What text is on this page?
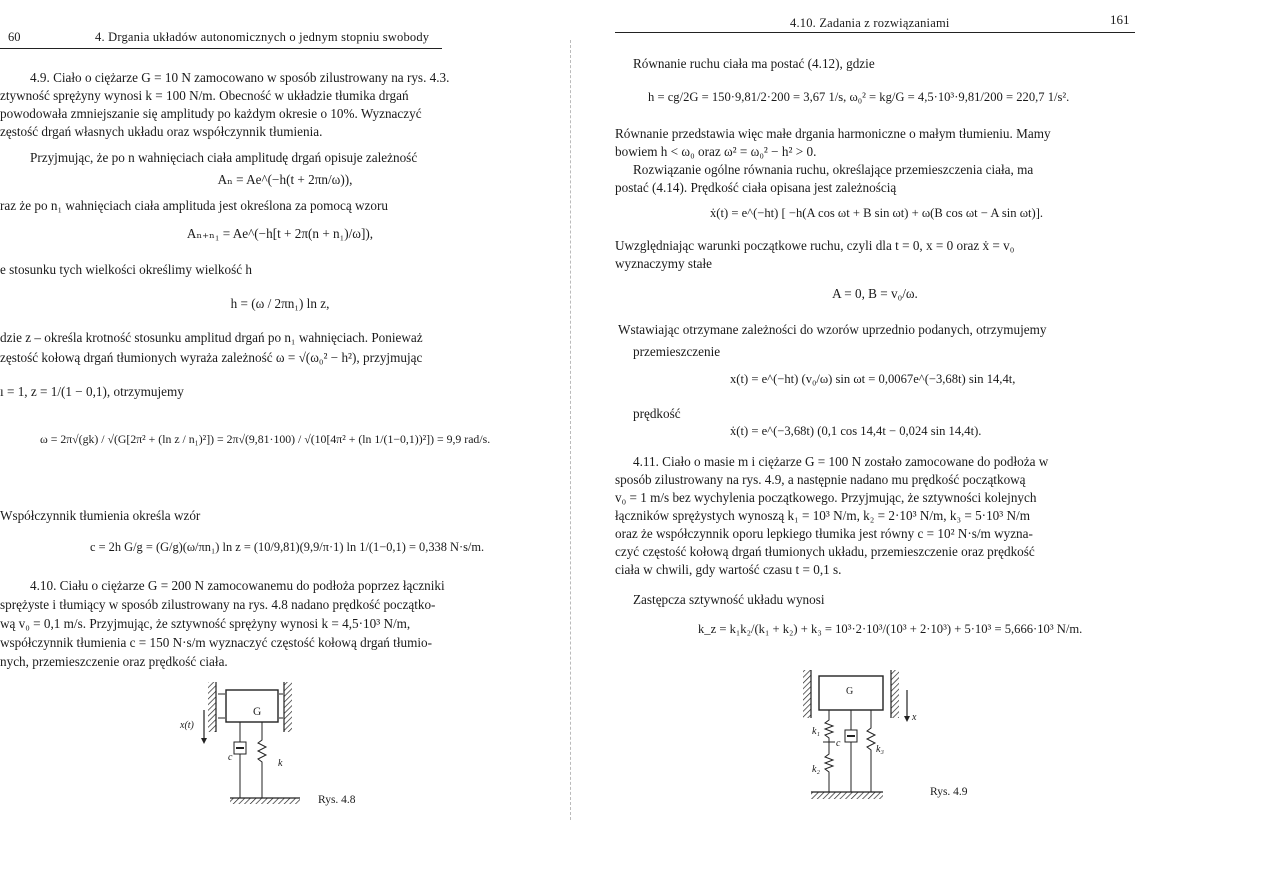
60	4. Drgania układów autonomicznych o jednym stopniu swobody
4.9. Ciało o ciężarze G = 10 N zamocowano w sposób zilustrowany na rys. 4.3.
ztywność sprężyny wynosi k = 100 N/m. Obecność w układzie tłumika drgań
powodowała zmniejszanie się amplitudy po każdym okresie o 10%. Wyznaczyć
zęstość drgań własnych układu oraz współczynnik tłumienia.
Przyjmując, że po n wahnięciach ciała amplitudę drgań opisuje zależność
Aₙ = Ae^(−h(t + 2πn/ω)),
raz że po n₁ wahnięciach ciała amplituda jest określona za pomocą wzoru
Aₙ₊ₙ₁ = Ae^(−h[t + 2π(n + n₁)/ω]),
e stosunku tych wielkości określimy wielkość h
h = (ω / 2πn₁) ln z,
dzie z – określa krotność stosunku amplitud drgań po n₁ wahnięciach. Ponieważ
zęstość kołową drgań tłumionych wyraża zależność ω = √(ω₀² − h²), przyjmując
ı = 1, z = 1/(1 − 0,1), otrzymujemy
ω = 2π√(gk) / √(G[2π² + (ln z / n₁)²]) = 2π√(9,81·100) / √(10[4π² + (ln 1/(1−0,1))²]) = 9,9 rad/s.
Współczynnik tłumienia określa wzór
c = 2h G/g = (G/g)(ω/πn₁) ln z = (10/9,81)(9,9/π·1) ln 1/(1−0,1) = 0,338 N·s/m.
4.10. Ciału o ciężarze G = 200 N zamocowanemu do podłoża poprzez łączniki
sprężyste i tłumiący w sposób zilustrowany na rys. 4.8 nadano prędkość początko-
wą v₀ = 0,1 m/s. Przyjmując, że sztywność sprężyny wynosi k = 4,5·10³ N/m,
współczynnik tłumienia c = 150 N·s/m wyznaczyć częstość kołową drgań tłumio-
nych, przemieszczenie oraz prędkość ciała.
G
x(t)
c
k
Rys. 4.8
4.10. Zadania z rozwiązaniami	161
Równanie ruchu ciała ma postać (4.12), gdzie
h = cg/2G = 150·9,81/2·200 = 3,67 1/s, ω₀² = kg/G = 4,5·10³·9,81/200 = 220,7 1/s².
Równanie przedstawia więc małe drgania harmoniczne o małym tłumieniu. Mamy
bowiem h < ω₀ oraz ω² = ω₀² − h² > 0.
Rozwiązanie ogólne równania ruchu, określające przemieszczenia ciała, ma
postać (4.14). Prędkość ciała opisana jest zależnością
ẋ(t) = e^(−ht) [ −h(A cos ωt + B sin ωt) + ω(B cos ωt − A sin ωt)].
Uwzględniając warunki początkowe ruchu, czyli dla t = 0, x = 0 oraz ẋ = v₀
wyznaczymy stałe
A = 0, B = v₀/ω.
Wstawiając otrzymane zależności do wzorów uprzednio podanych, otrzymujemy
przemieszczenie
x(t) = e^(−ht) (v₀/ω) sin ωt = 0,0067e^(−3,68t) sin 14,4t,
prędkość
ẋ(t) = e^(−3,68t) (0,1 cos 14,4t − 0,024 sin 14,4t).
4.11. Ciało o masie m i ciężarze G = 100 N zostało zamocowane do podłoża w
sposób zilustrowany na rys. 4.9, a następnie nadano mu prędkość początkową
v₀ = 1 m/s bez wychylenia początkowego. Przyjmując, że sztywności kolejnych
łączników sprężystych wynoszą k₁ = 10³ N/m, k₂ = 2·10³ N/m, k₃ = 5·10³ N/m
oraz że współczynnik oporu lepkiego tłumika jest równy c = 10² N·s/m wyzna-
czyć częstość kołową drgań tłumionych układu, przemieszczenie oraz prędkość
ciała w chwili, gdy wartość czasu t = 0,1 s.
Zastępcza sztywność układu wynosi
k_z = k₁k₂/(k₁ + k₂) + k₃ = 10³·2·10³/(10³ + 2·10³) + 5·10³ = 5,666·10³ N/m.
G
x
k₁
c
k₃
k₂
Rys. 4.9
